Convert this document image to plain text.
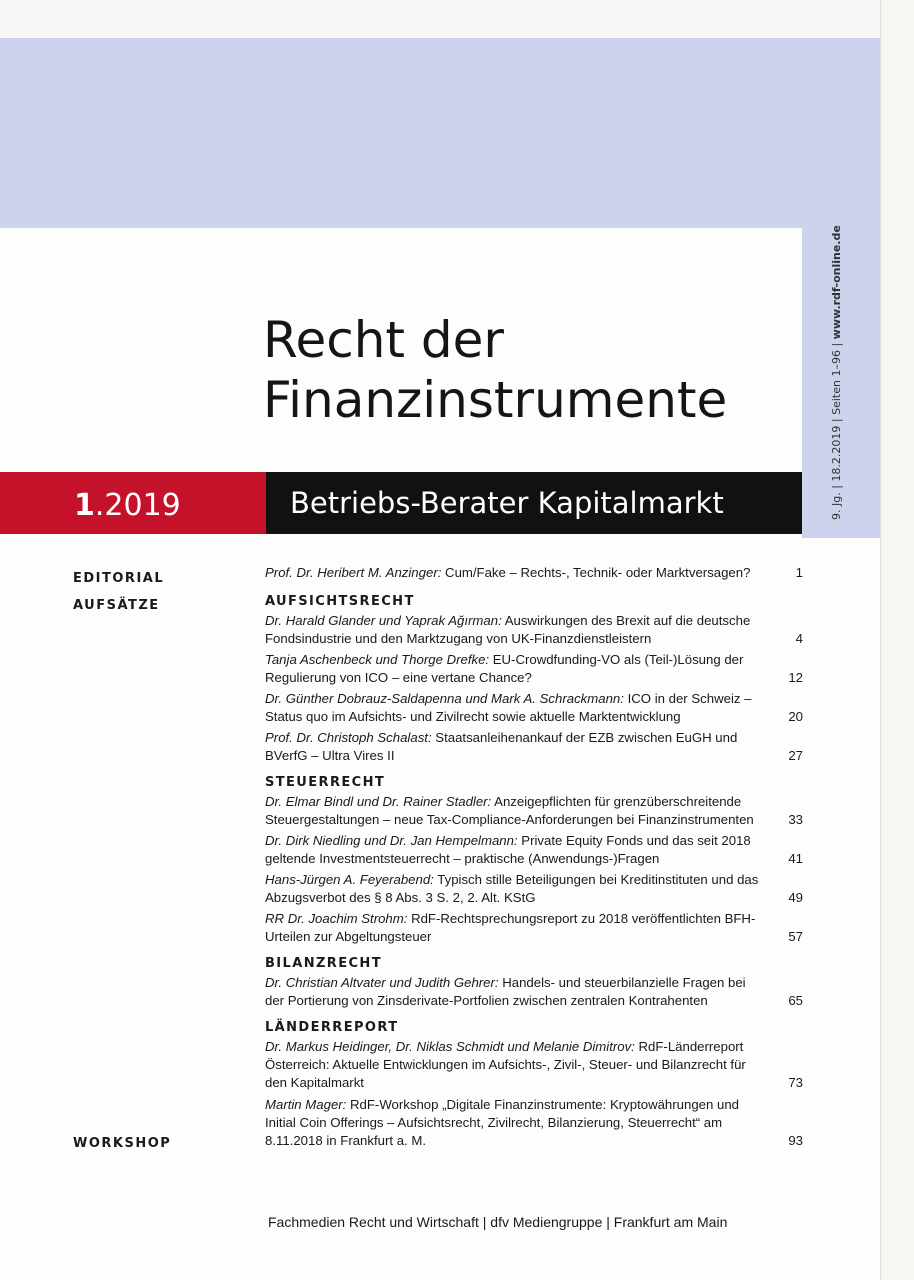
9. Jg. | 18.2.2019 | Seiten 1–96 | www.rdf-online.de
Recht der
Finanzinstrumente
1.2019	Betriebs-Berater Kapitalmarkt
EDITORIAL
AUFSÄTZE
WORKSHOP
Prof. Dr. Heribert M. Anzinger: Cum/Fake – Rechts-, Technik- oder Marktversagen?	1
AUFSICHTSRECHT
Dr. Harald Glander und Yaprak Ağırman: Auswirkungen des Brexit auf die deutsche Fondsindustrie und den Marktzugang von UK-Finanzdienstleistern	4
Tanja Aschenbeck und Thorge Drefke: EU-Crowdfunding-VO als (Teil-)Lösung der Regulierung von ICO – eine vertane Chance?	12
Dr. Günther Dobrauz-Saldapenna und Mark A. Schrackmann: ICO in der Schweiz – Status quo im Aufsichts- und Zivilrecht sowie aktuelle Marktentwicklung	20
Prof. Dr. Christoph Schalast: Staatsanleihenankauf der EZB zwischen EuGH und BVerfG – Ultra Vires II	27
STEUERRECHT
Dr. Elmar Bindl und Dr. Rainer Stadler: Anzeigepflichten für grenzüberschreitende Steuergestaltungen – neue Tax-Compliance-Anforderungen bei Finanzinstrumenten	33
Dr. Dirk Niedling und Dr. Jan Hempelmann: Private Equity Fonds und das seit 2018 geltende Investmentsteuerrecht – praktische (Anwendungs-)Fragen	41
Hans-Jürgen A. Feyerabend: Typisch stille Beteiligungen bei Kreditinstituten und das Abzugsverbot des § 8 Abs. 3 S. 2, 2. Alt. KStG	49
RR Dr. Joachim Strohm: RdF-Rechtsprechungsreport zu 2018 veröffentlichten BFH-Urteilen zur Abgeltungsteuer	57
BILANZRECHT
Dr. Christian Altvater und Judith Gehrer: Handels- und steuerbilanzielle Fragen bei der Portierung von Zinsderivate-Portfolien zwischen zentralen Kontrahenten	65
LÄNDERREPORT
Dr. Markus Heidinger, Dr. Niklas Schmidt und Melanie Dimitrov: RdF-Länderreport Österreich: Aktuelle Entwicklungen im Aufsichts-, Zivil-, Steuer- und Bilanzrecht für den Kapitalmarkt	73
Martin Mager: RdF-Workshop „Digitale Finanzinstrumente: Kryptowährungen und Initial Coin Offerings – Aufsichtsrecht, Zivilrecht, Bilanzierung, Steuerrecht“ am 8.11.2018 in Frankfurt a. M.	93
Fachmedien Recht und Wirtschaft | dfv Mediengruppe | Frankfurt am Main
